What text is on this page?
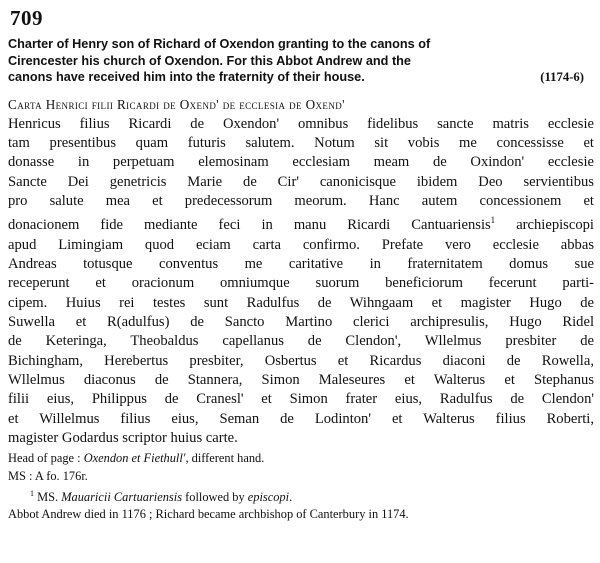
709
Charter of Henry son of Richard of Oxendon granting to the canons of
Cirencester his church of Oxendon. For this Abbot Andrew and the
canons have received him into the fraternity of their house.	(1174-6)
Carta Henrici filii Ricardi de Oxend' de ecclesia de Oxend'
Henricus filius Ricardi de Oxendon' omnibus fidelibus sancte matris ecclesie
tam presentibus quam futuris salutem. Notum sit vobis me concessisse et
donasse in perpetuam elemosinam ecclesiam meam de Oxindon' ecclesie
Sancte Dei genetricis Marie de Cir' canonicisque ibidem Deo servientibus
pro salute mea et predecessorum meorum. Hanc autem concessionem et
donacionem fide mediante feci in manu Ricardi Cantuariensis$^1$ archiepiscopi
apud Limingiam quod eciam carta confirmo. Prefate vero ecclesie abbas
Andreas totusque conventus me caritative in fraternitatem domus sue
receperunt et oracionum omniumque suorum beneficiorum fecerunt parti-
cipem. Huius rei testes sunt Radulfus de Wihngaam et magister Hugo de
Suwella et R(adulfus) de Sancto Martino clerici archipresulis, Hugo Ridel
de Keteringa, Theobaldus capellanus de Clendon', Wllelmus presbiter de
Bichingham, Herebertus presbiter, Osbertus et Ricardus diaconi de Rowella,
Wllelmus diaconus de Stannera, Simon Maleseures et Walterus et Stephanus
filii eius, Philippus de Cranesl' et Simon frater eius, Radulfus de Clendon'
et Willelmus filius eius, Seman de Lodinton' et Walterus filius Roberti,
magister Godardus scriptor huius carte.
Head of page : Oxendon et Fiethull', different hand.
MS : A fo. 176r.
$^1$ MS. Mauaricii Cartuariensis followed by episcopi.
Abbot Andrew died in 1176 ; Richard became archbishop of Canterbury in 1174.
